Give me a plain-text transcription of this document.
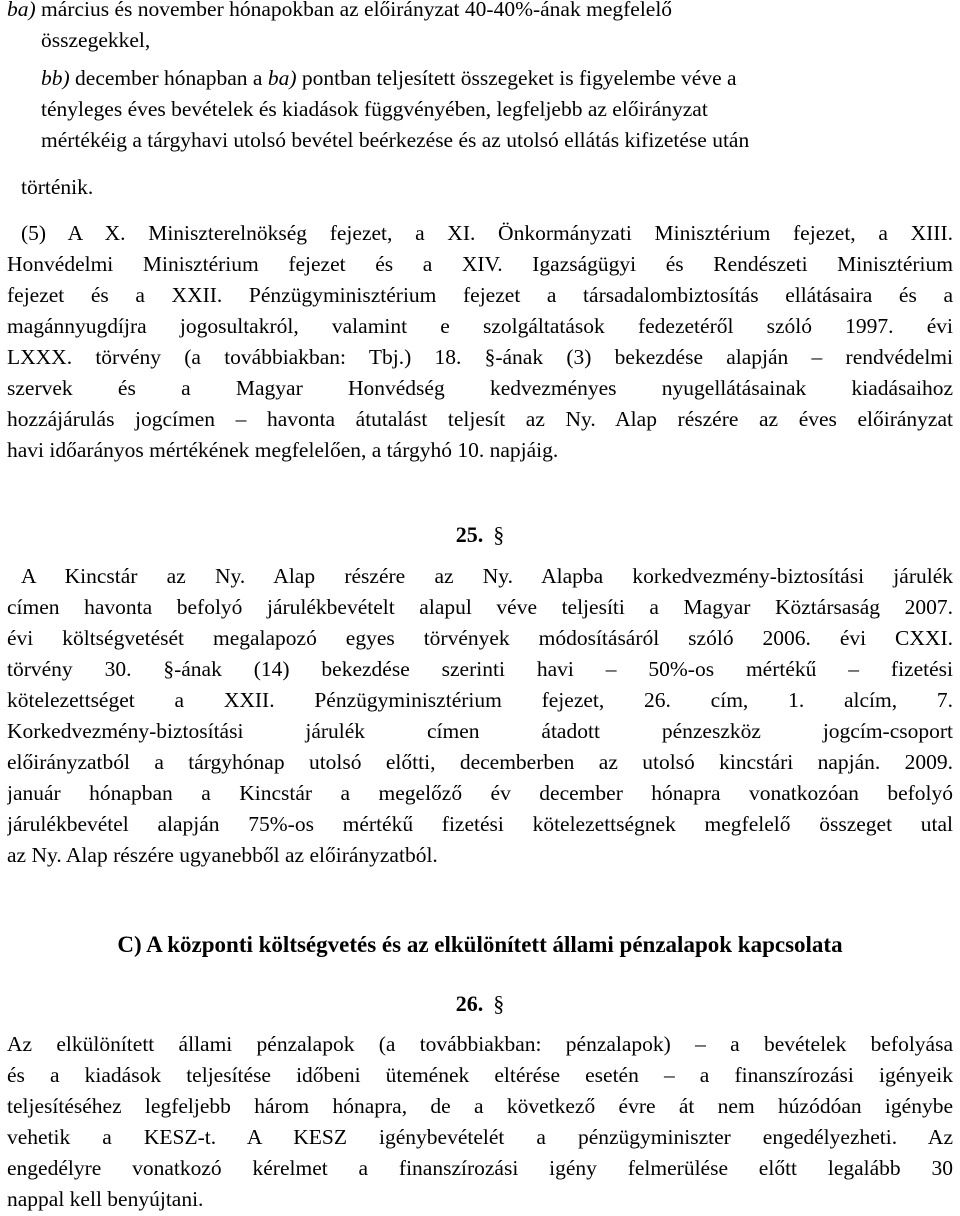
ba) március és november hónapokban az előirányzat 40-40%-ának megfelelő
összegekkel,
bb) december hónapban a ba) pontban teljesített összegeket is figyelembe véve a
tényleges éves bevételek és kiadások függvényében, legfeljebb az előirányzat
mértékéig a tárgyhavi utolsó bevétel beérkezése és az utolsó ellátás kifizetése után
történik.
(5) A X. Miniszterelnökség fejezet, a XI. Önkormányzati Minisztérium fejezet, a XIII.
Honvédelmi Minisztérium fejezet és a XIV. Igazságügyi és Rendészeti Minisztérium
fejezet és a XXII. Pénzügyminisztérium fejezet a társadalombiztosítás ellátásaira és a
magánnyugdíjra jogosultakról, valamint e szolgáltatások fedezetéről szóló 1997. évi
LXXX. törvény (a továbbiakban: Tbj.) 18. §-ának (3) bekezdése alapján – rendvédelmi
szervek és a Magyar Honvédség kedvezményes nyugellátásainak kiadásaihoz
hozzájárulás jogcímen – havonta átutalást teljesít az Ny. Alap részére az éves előirányzat
havi időarányos mértékének megfelelően, a tárgyhó 10. napjáig.
25. §
A Kincstár az Ny. Alap részére az Ny. Alapba korkedvezmény-biztosítási járulék
címen havonta befolyó járulékbevételt alapul véve teljesíti a Magyar Köztársaság 2007.
évi költségvetését megalapozó egyes törvények módosításáról szóló 2006. évi CXXI.
törvény 30. §-ának (14) bekezdése szerinti havi – 50%-os mértékű – fizetési
kötelezettséget a XXII. Pénzügyminisztérium fejezet, 26. cím, 1. alcím, 7.
Korkedvezmény-biztosítási járulék címen átadott pénzeszköz jogcím-csoport
előirányzatból a tárgyhónap utolsó előtti, decemberben az utolsó kincstári napján. 2009.
január hónapban a Kincstár a megelőző év december hónapra vonatkozóan befolyó
járulékbevétel alapján 75%-os mértékű fizetési kötelezettségnek megfelelő összeget utal
az Ny. Alap részére ugyanebből az előirányzatból.
C) A központi költségvetés és az elkülönített állami pénzalapok kapcsolata
26. §
Az elkülönített állami pénzalapok (a továbbiakban: pénzalapok) – a bevételek befolyása
és a kiadások teljesítése időbeni ütemének eltérése esetén – a finanszírozási igényeik
teljesítéséhez legfeljebb három hónapra, de a következő évre át nem húzódóan igénybe
vehetik a KESZ-t. A KESZ igénybevételét a pénzügyminiszter engedélyezheti. Az
engedélyre vonatkozó kérelmet a finanszírozási igény felmerülése előtt legalább 30
nappal kell benyújtani.
